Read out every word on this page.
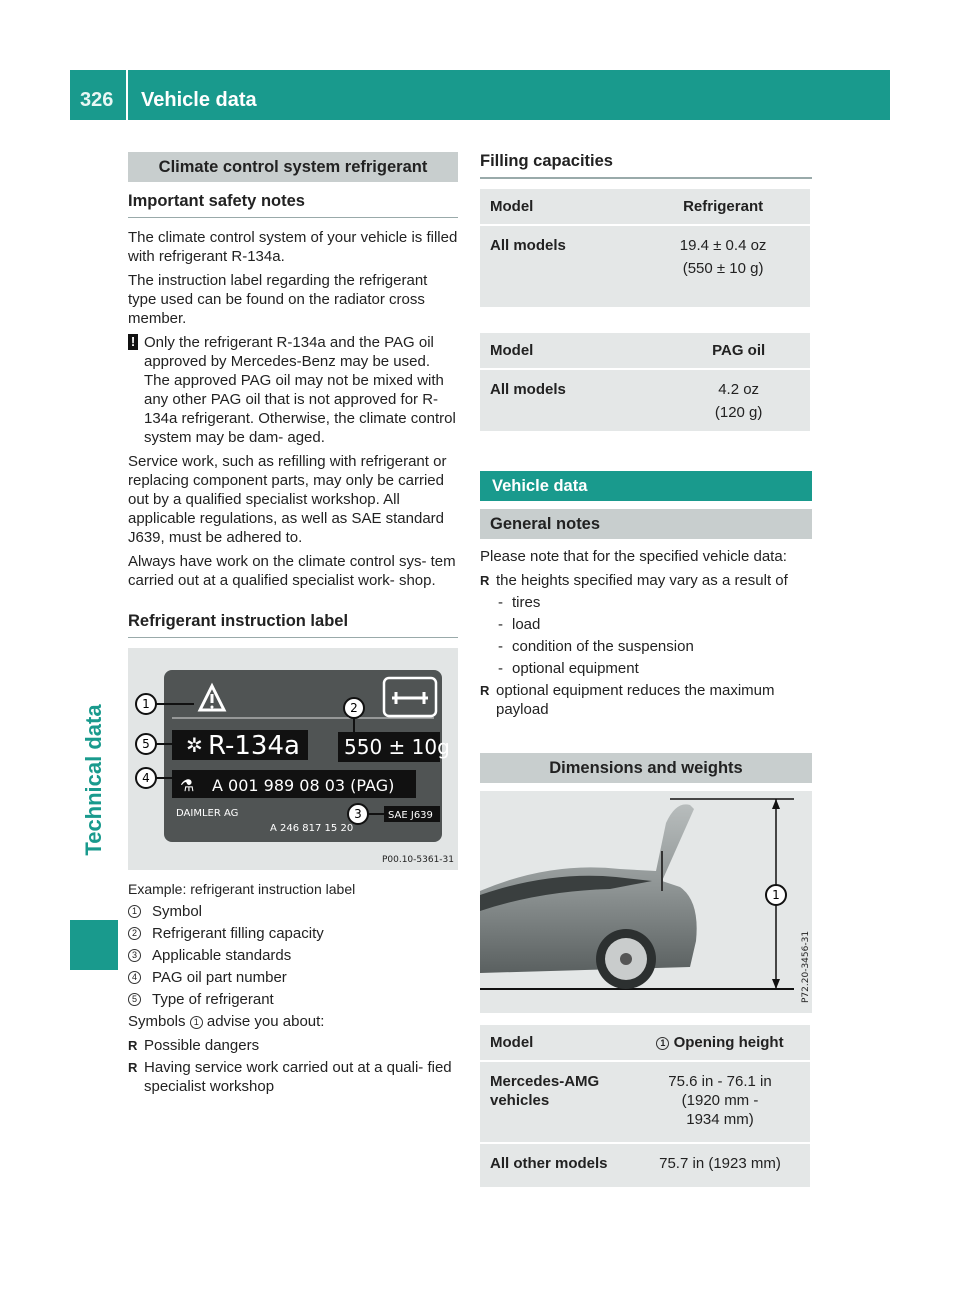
326 Vehicle data
Technical data
Climate control system refrigerant
Important safety notes

The climate control system of your vehicle is filled with refrigerant R-134a.

The instruction label regarding the refrigerant type used can be found on the radiator cross member.

! Only the refrigerant R-134a and the PAG oil approved by Mercedes-Benz may be used. The approved PAG oil may not be mixed with any other PAG oil that is not approved for R-134a refrigerant. Otherwise, the climate control system may be dam- aged.

Service work, such as refilling with refrigerant or replacing component parts, may only be carried out by a qualified specialist workshop. All applicable regulations, as well as SAE standard J639, must be adhered to.

Always have work on the climate control sys- tem carried out at a qualified specialist work- shop.

Refrigerant instruction label
✲ R-134a 550 ± 10g
⚗ A 001 989 08 03 (PAG)
DAIMLER AG
A 246 817 15 20
SAE J639
1	2
3
4
5
P00.10-5361-31

Example: refrigerant instruction label

1 Symbol
2 Refrigerant filling capacity
3 Applicable standards
4 PAG oil part number
5 Type of refrigerant

Symbols 1 advise you about:

R Possible dangers
R Having service work carried out at a quali- fied specialist workshop
Filling capacities
Model	Refrigerant
All models	19.4 ± 0.4 oz
(550 ± 10 g)
Model	PAG oil
All models	4.2 oz
(120 g)
Vehicle data
General notes

Please note that for the specified vehicle data:

R the heights specified may vary as a result of
- tires
- load
- condition of the suspension
- optional equipment
R optional equipment reduces the maximum payload
Dimensions and weights
1
P72.20-3456-31
Model	1 Opening height
Mercedes-AMG vehicles	75.6 in - 76.1 in
(1920 mm -
1934 mm)

All other models	75.7 in (1923 mm)
